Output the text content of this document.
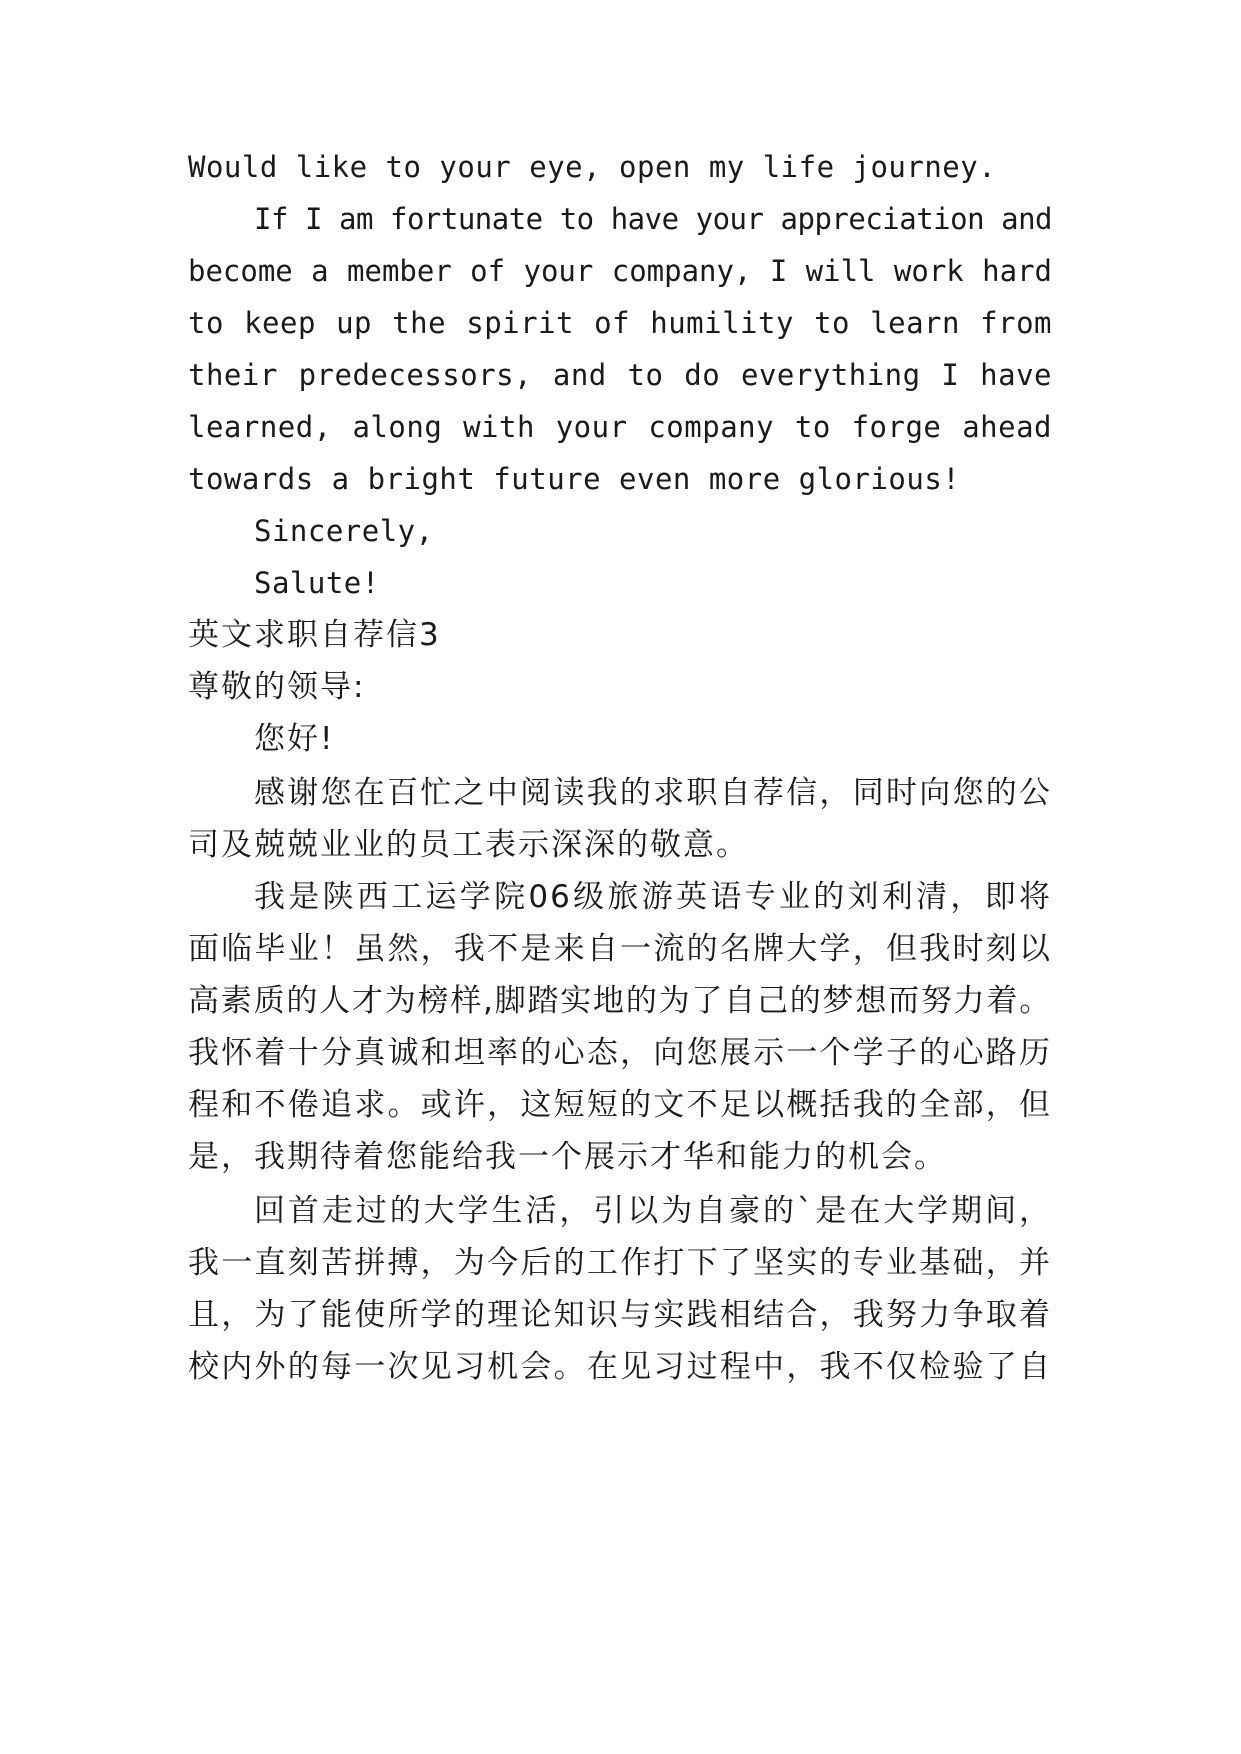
Would like to your eye, open my life journey.

If I am fortunate to have your appreciation and

become a member of your company, I will work hard

to keep up the spirit of humility to learn from

their predecessors, and to do everything I have

learned, along with your company to forge ahead

towards a bright future even more glorious!

Sincerely,

Salute!

英文求职自荐信3

尊敬的领导:

您好!

感谢您在百忙之中阅读我的求职自荐信，同时向您的公

司及兢兢业业的员工表示深深的敬意。

我是陕西工运学院06级旅游英语专业的刘利清，即将

面临毕业！虽然，我不是来自一流的名牌大学，但我时刻以

高素质的人才为榜样,脚踏实地的为了自己的梦想而努力着。

我怀着十分真诚和坦率的心态，向您展示一个学子的心路历

程和不倦追求。或许，这短短的文不足以概括我的全部，但

是，我期待着您能给我一个展示才华和能力的机会。

回首走过的大学生活，引以为自豪的`是在大学期间，

我一直刻苦拼搏，为今后的工作打下了坚实的专业基础，并

且，为了能使所学的理论知识与实践相结合，我努力争取着

校内外的每一次见习机会。在见习过程中，我不仅检验了自
